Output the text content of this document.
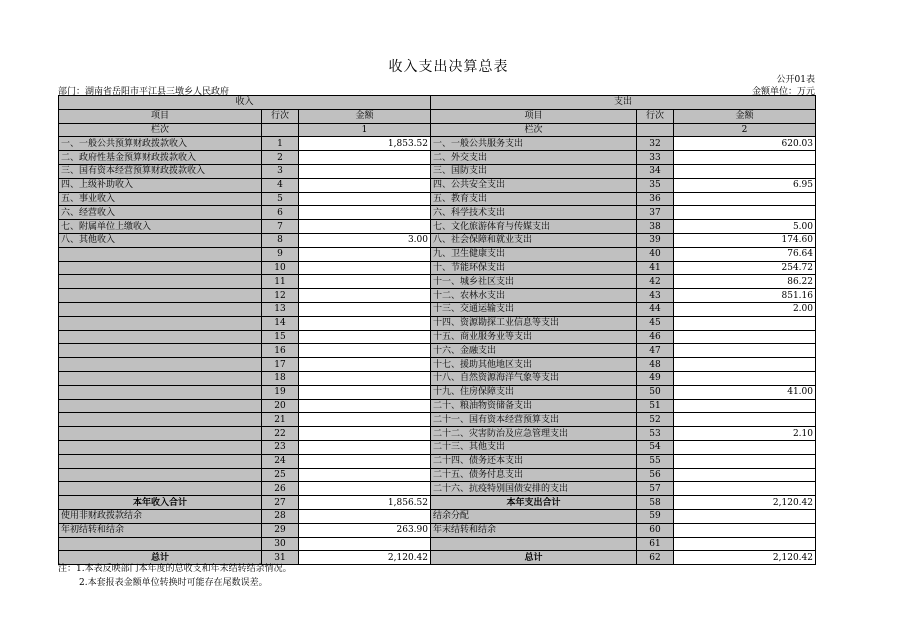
收入支出决算总表
公开01表
部门：湖南省岳阳市平江县三墩乡人民政府	金额单位：万元
收入			支出		
项目	行次	金额	项目	行次	金额
栏次		1	栏次		2
一、一般公共预算财政拨款收入	1	1,853.52	一、一般公共服务支出	32	620.03
二、政府性基金预算财政拨款收入	2		二、外交支出	33	
三、国有资本经营预算财政拨款收入	3		三、国防支出	34	
四、上级补助收入	4		四、公共安全支出	35	6.95
五、事业收入	5		五、教育支出	36	
六、经营收入	6		六、科学技术支出	37	
七、附属单位上缴收入	7		七、文化旅游体育与传媒支出	38	5.00
八、其他收入	8	3.00	八、社会保障和就业支出	39	174.60
	9		九、卫生健康支出	40	76.64
	10		十、节能环保支出	41	254.72
	11		十一、城乡社区支出	42	86.22
	12		十二、农林水支出	43	851.16
	13		十三、交通运输支出	44	2.00
	14		十四、资源勘探工业信息等支出	45	
	15		十五、商业服务业等支出	46	
	16		十六、金融支出	47	
	17		十七、援助其他地区支出	48	
	18		十八、自然资源海洋气象等支出	49	
	19		十九、住房保障支出	50	41.00
	20		二十、粮油物资储备支出	51	
	21		二十一、国有资本经营预算支出	52	
	22		二十二、灾害防治及应急管理支出	53	2.10
	23		二十三、其他支出	54	
	24		二十四、债务还本支出	55	
	25		二十五、债务付息支出	56	
	26		二十六、抗疫特别国债安排的支出	57	
本年收入合计	27	1,856.52	本年支出合计	58	2,120.42
使用非财政拨款结余	28		结余分配	59	
年初结转和结余	29	263.90	年末结转和结余	60	
	30			61	
总计	31	2,120.42	总计	62	2,120.42
注：1.本表反映部门本年度的总收支和年末结转结余情况。
2.本套报表金额单位转换时可能存在尾数误差。
